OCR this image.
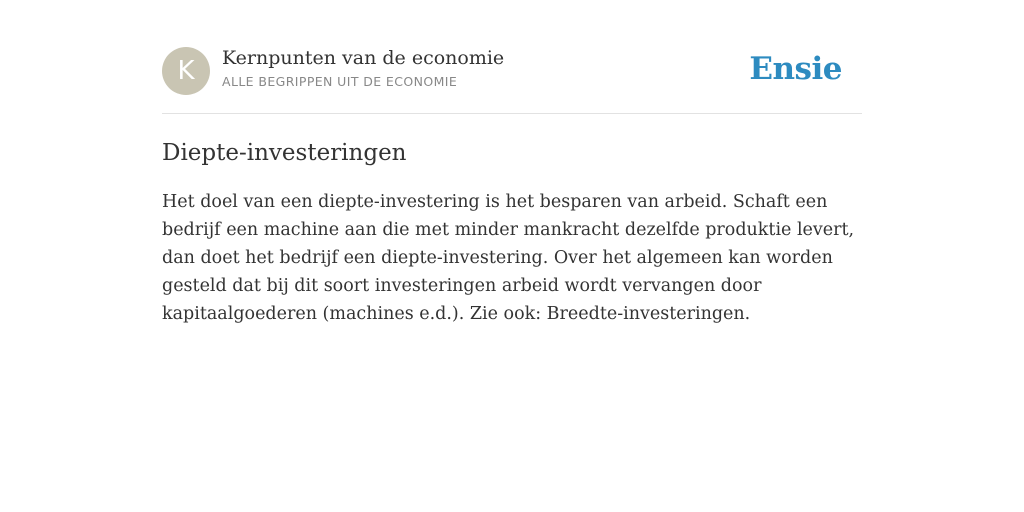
K	Kernpunten van de economie
ALLE BEGRIPPEN UIT DE ECONOMIE	Ensie
Diepte-investeringen

Het doel van een diepte-investering is het besparen van arbeid. Schaft een bedrijf een machine aan die met minder mankracht dezelfde produktie levert, dan doet het bedrijf een diepte-investering. Over het algemeen kan worden gesteld dat bij dit soort investeringen arbeid wordt vervangen door kapitaalgoederen (machines e.d.). Zie ook: Breedte-investeringen.
